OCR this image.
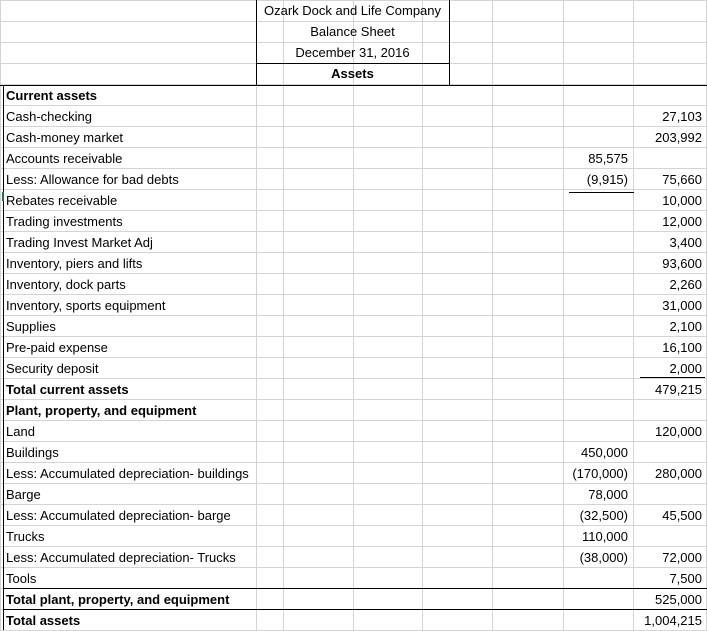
Ozark Dock and Life Company
Balance Sheet
December 31, 2016
Assets
Current assets
Cash-checking	27,103
Cash-money market	203,992
Accounts receivable	85,575
Less: Allowance for bad debts	(9,915)	75,660
Rebates receivable	10,000
Trading investments	12,000
Trading Invest Market Adj	3,400
Inventory, piers and lifts	93,600
Inventory, dock parts	2,260
Inventory, sports equipment	31,000
Supplies	2,100
Pre-paid expense	16,100
Security deposit	2,000
Total current assets	479,215
Plant, property, and equipment
Land	120,000
Buildings	450,000
Less: Accumulated depreciation- buildings	(170,000) 280,000
Barge	78,000
Less: Accumulated depreciation- barge	(32,500)	45,500
Trucks	110,000
Less: Accumulated depreciation- Trucks	(38,000)	72,000
Tools	7,500
Total plant, property, and equipment	525,000
Total assets	1,004,215
